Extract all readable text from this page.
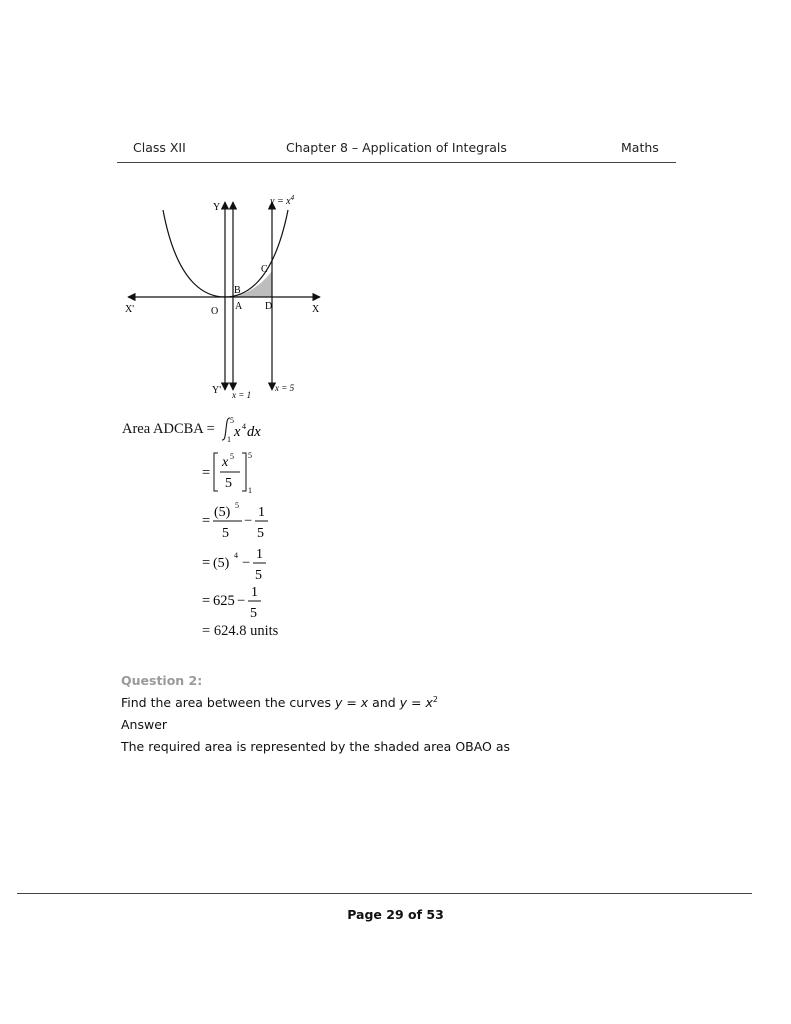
Class XII	Chapter 8 – Application of Integrals	Maths
$y = x^4$
Y
Y'
X
X'	O A
B
C
D
x = 1
x = 5
Area ADCBA =
5
1 x 4 dx
=
x 5
5
5
1
=
(5) 5
5
−
1
5
= (5)
4 −
1
5
= 625 −
1
5
= 624.8 units
Question 2:
Find the area between the curves y = x and $y = x^2$
Answer
The required area is represented by the shaded area OBAO as
Page 29 of 53
